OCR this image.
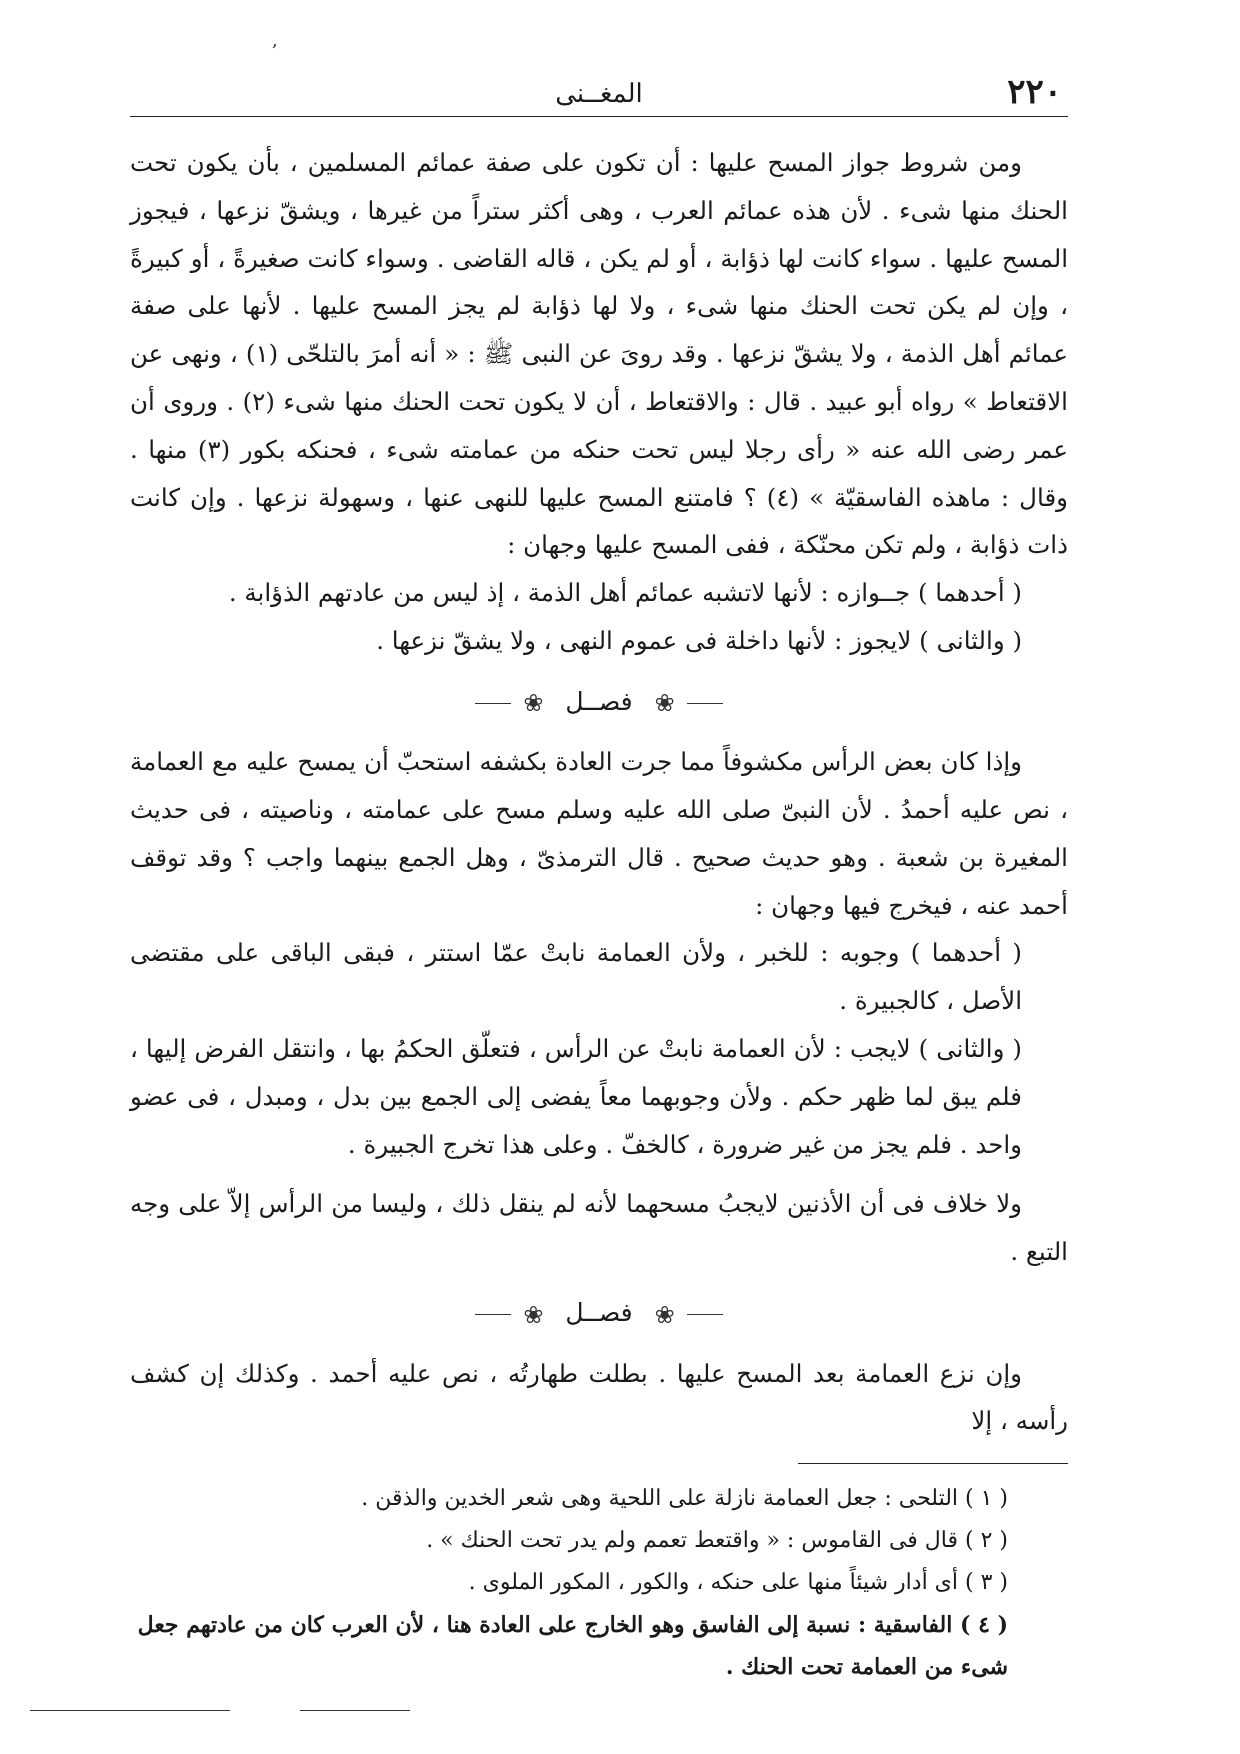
٢٢٠
المغــنى

ومن شروط جواز المسح عليها : أن تكون على صفة عمائم المسلمين ، بأن يكون تحت الحنك منها شىء . لأن هذه عمائم العرب ، وهى أكثر ستراً من غيرها ، ويشقّ نزعها ، فيجوز المسح عليها . سواء كانت لها ذؤابة ، أو لم يكن ، قاله القاضى . وسواء كانت صغيرةً ، أو كبيرةً ، وإن لم يكن تحت الحنك منها شىء ، ولا لها ذؤابة لم يجز المسح عليها . لأنها على صفة عمائم أهل الذمة ، ولا يشقّ نزعها . وقد روىَ عن النبى ﷺ : « أنه أمرَ بالتلحّى (١) ، ونهى عن الاقتعاط » رواه أبو عبيد . قال : والاقتعاط ، أن لا يكون تحت الحنك منها شىء (٢) . وروى أن عمر رضى الله عنه « رأى رجلا ليس تحت حنكه من عمامته شىء ، فحنكه بكور (٣) منها . وقال : ماهذه الفاسقيّة » (٤) ؟ فامتنع المسح عليها للنهى عنها ، وسهولة نزعها . وإن كانت ذات ذؤابة ، ولم تكن محنّكة ، ففى المسح عليها وجهان :

( أحدهما ) جــوازه : لأنها لاتشبه عمائم أهل الذمة ، إذ ليس من عادتهم الذؤابة .

( والثانى ) لايجوز : لأنها داخلة فى عموم النهى ، ولا يشقّ نزعها .

❀ فصــل ❀

وإذا كان بعض الرأس مكشوفاً مما جرت العادة بكشفه استحبّ أن يمسح عليه مع العمامة ، نص عليه أحمدُ . لأن النبىّ صلى الله عليه وسلم مسح على عمامته ، وناصيته ، فى حديث المغيرة بن شعبة . وهو حديث صحيح . قال الترمذىّ ، وهل الجمع بينهما واجب ؟ وقد توقف أحمد عنه ، فيخرج فيها وجهان :

( أحدهما ) وجوبه : للخبر ، ولأن العمامة نابتْ عمّا استتر ، فبقى الباقى على مقتضى الأصل ، كالجبيرة .

( والثانى ) لايجب : لأن العمامة نابتْ عن الرأس ، فتعلّق الحكمُ بها ، وانتقل الفرض إليها ، فلم يبق لما ظهر حكم . ولأن وجوبهما معاً يفضى إلى الجمع بين بدل ، ومبدل ، فى عضو واحد . فلم يجز من غير ضرورة ، كالخفّ . وعلى هذا تخرج الجبيرة .

ولا خلاف فى أن الأذنين لايجبُ مسحهما لأنه لم ينقل ذلك ، وليسا من الرأس إلاّ على وجه التبع .

❀ فصــل ❀

وإن نزع العمامة بعد المسح عليها . بطلت طهارتُه ، نص عليه أحمد . وكذلك إن كشف رأسه ، إلا

( ١ ) التلحى : جعل العمامة نازلة على اللحية وهى شعر الخدين والذقن .

( ٢ ) قال فى القاموس : « واقتعط تعمم ولم يدر تحت الحنك » .

( ٣ ) أى أدار شيئاً منها على حنكه ، والكور ، المكور الملوى .

( ٤ ) الفاسقية : نسبة إلى الفاسق وهو الخارج على العادة هنا ، لأن العرب كان من عادتهم جعل شىء من العمامة تحت الحنك .

,
